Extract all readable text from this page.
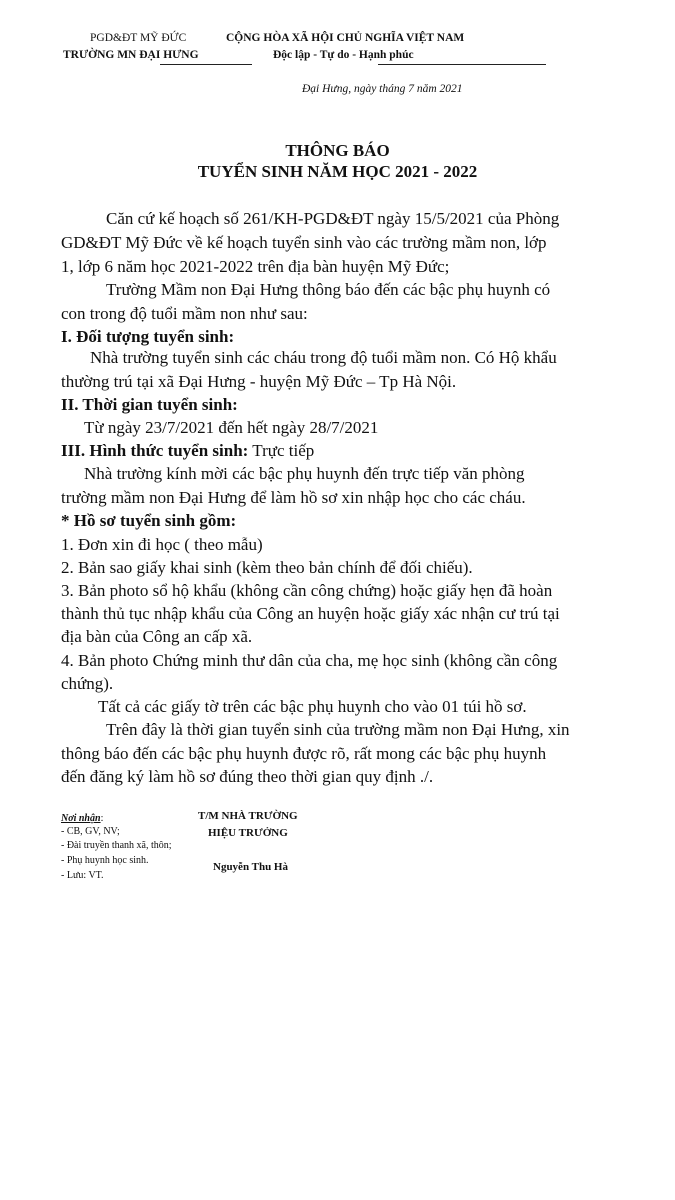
PGD&ĐT MỸ ĐỨC
TRƯỜNG MN ĐẠI HƯNG
CỘNG HÒA XÃ HỘI CHỦ NGHĨA VIỆT NAM
Độc lập - Tự do - Hạnh phúc
Đại Hưng, ngày tháng 7 năm 2021
THÔNG BÁO
TUYỂN SINH NĂM HỌC 2021 - 2022
Căn cứ kế hoạch số 261/KH-PGD&ĐT ngày 15/5/2021 của Phòng
GD&ĐT Mỹ Đức về kế hoạch tuyển sinh vào các trường mầm non, lớp
1, lớp 6 năm học 2021-2022 trên địa bàn huyện Mỹ Đức;
Trường Mầm non Đại Hưng thông báo đến các bậc phụ huynh có
con trong độ tuổi mầm non như sau:
I. Đối tượng tuyển sinh:
Nhà trường tuyển sinh các cháu trong độ tuổi mầm non. Có Hộ khẩu
thường trú tại xã Đại Hưng - huyện Mỹ Đức – Tp Hà Nội.
II. Thời gian tuyển sinh:
Từ ngày 23/7/2021 đến hết ngày 28/7/2021
III. Hình thức tuyển sinh: Trực tiếp
Nhà trường kính mời các bậc phụ huynh đến trực tiếp văn phòng
trường mầm non Đại Hưng để làm hồ sơ xin nhập học cho các cháu.
* Hồ sơ tuyển sinh gồm:
1. Đơn xin đi học ( theo mẫu)
2. Bản sao giấy khai sinh (kèm theo bản chính để đối chiếu).
3. Bản photo sổ hộ khẩu (không cần công chứng) hoặc giấy hẹn đã hoàn
thành thủ tục nhập khẩu của Công an huyện hoặc giấy xác nhận cư trú tại
địa bàn của Công an cấp xã.
4. Bản photo Chứng minh thư dân của cha, mẹ học sinh (không cần công
chứng).
Tất cả các giấy tờ trên các bậc phụ huynh cho vào 01 túi hồ sơ.
Trên đây là thời gian tuyển sinh của trường mầm non Đại Hưng, xin
thông báo đến các bậc phụ huynh được rõ, rất mong các bậc phụ huynh
đến đăng ký làm hồ sơ đúng theo thời gian quy định ./.
Nơi nhận:
- CB, GV, NV;
- Đài truyền thanh xã, thôn;
- Phụ huynh học sinh.
- Lưu: VT.
T/M NHÀ TRƯỜNG
HIỆU TRƯỞNG
Nguyễn Thu Hà
